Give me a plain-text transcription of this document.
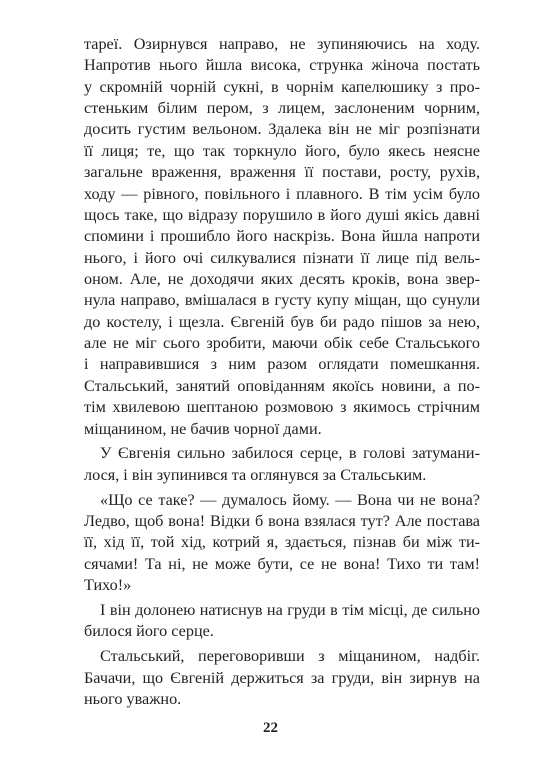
тареї. Озирнувся направо, не зупиняючись на ходу.
Напротив нього йшла висока, струнка жіноча постать
у скромній чорній сукні, в чорнім капелюшику з про-
стеньким білим пером, з лицем, заслоненим чорним,
досить густим вельоном. Здалека він не міг розпізнати
її лиця; те, що так торкнуло його, було якесь неясне
загальне враження, враження її постави, росту, рухів,
ходу — рівного, повільного і плавного. В тім усім було
щось таке, що відразу порушило в його душі якісь давні
спомини і прошибло його наскрізь. Вона йшла напроти
нього, і його очі силкувалися пізнати її лице під вель-
оном. Але, не доходячи яких десять кроків, вона звер-
нула направо, вмішалася в густу купу міщан, що сунули
до костелу, і щезла. Євгеній був би радо пішов за нею,
але не міг сього зробити, маючи обік себе Стальського
і направившися з ним разом оглядати помешкання.
Стальський, занятий оповіданням якоїсь новини, а по-
тім хвилевою шептаною розмовою з якимось стрічним
міщанином, не бачив чорної дами.
У Євгенія сильно забилося серце, в голові затумани-
лося, і він зупинився та оглянувся за Стальським.
«Що се таке? — думалось йому. — Вона чи не вона?
Ледво, щоб вона! Відки б вона взялася тут? Але постава
її, хід її, той хід, котрий я, здається, пізнав би між ти-
сячами! Та ні, не може бути, се не вона! Тихо ти там!
Тихо!»
І він долонею натиснув на груди в тім місці, де сильно
билося його серце.
Стальський, переговоривши з міщанином, надбіг.
Бачачи, що Євгеній держиться за груди, він зирнув на
нього уважно.
22
